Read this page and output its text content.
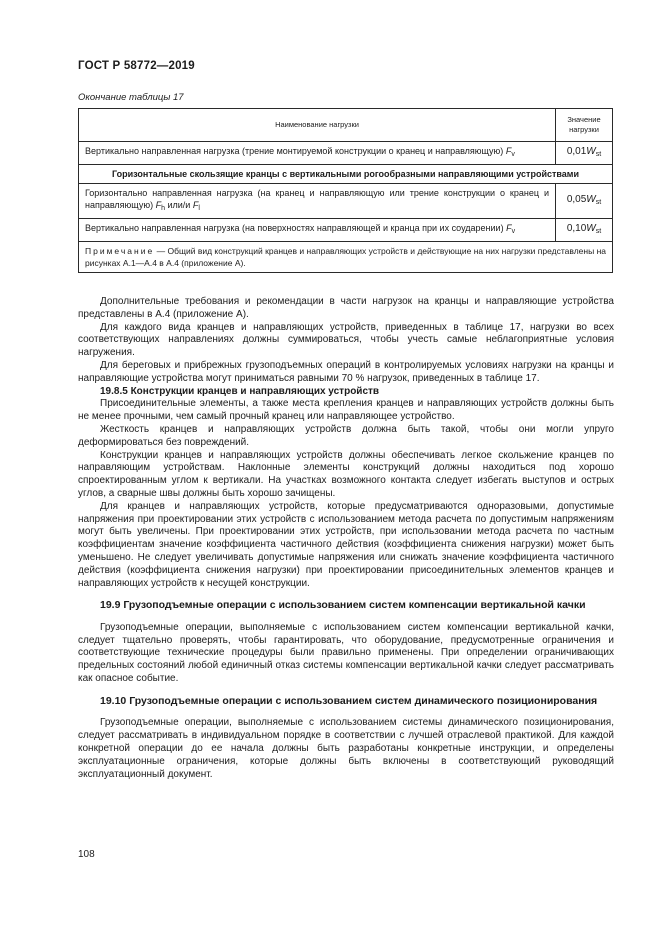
ГОСТ Р 58772—2019
Окончание таблицы 17
Наименование нагрузки	Значение нагрузки
Вертикально направленная нагрузка (трение монтируемой конструкции о кранец и направляющую) $F_v$	$0,01W_{st}$
Горизонтальные скользящие кранцы с вертикальными рогообразными направляющими устройствами	
Горизонтально направленная нагрузка (на кранец и направляющую или трение конструкции о кранец и направляющую) $F_h$ или/и $F_l$	$0,05W_{st}$
Вертикально направленная нагрузка (на поверхностях направляющей и кранца при их соударении) $F_v$	$0,10W_{st}$
Примечание — Общий вид конструкций кранцев и направляющих устройств и действующие на них нагрузки представлены на рисунках А.1—А.4 в А.4 (приложение А).	

Дополнительные требования и рекомендации в части нагрузок на кранцы и направляющие устройства представлены в А.4 (приложение А).

Для каждого вида кранцев и направляющих устройств, приведенных в таблице 17, нагрузки во всех соответствующих направлениях должны суммироваться, чтобы учесть самые неблагоприятные условия нагружения.

Для береговых и прибрежных грузоподъемных операций в контролируемых условиях нагрузки на кранцы и направляющие устройства могут приниматься равными 70 % нагрузок, приведенных в таблице 17.

19.8.5 Конструкции кранцев и направляющих устройств

Присоединительные элементы, а также места крепления кранцев и направляющих устройств должны быть не менее прочными, чем самый прочный кранец или направляющее устройство.

Жесткость кранцев и направляющих устройств должна быть такой, чтобы они могли упруго деформироваться без повреждений.

Конструкции кранцев и направляющих устройств должны обеспечивать легкое скольжение кранцев по направляющим устройствам. Наклонные элементы конструкций должны находиться под хорошо спроектированным углом к вертикали. На участках возможного контакта следует избегать выступов и острых углов, а сварные швы должны быть хорошо зачищены.

Для кранцев и направляющих устройств, которые предусматриваются одноразовыми, допустимые напряжения при проектировании этих устройств с использованием метода расчета по допустимым напряжениям могут быть увеличены. При проектировании этих устройств, при использовании метода расчета по частным коэффициентам значение коэффициента частичного действия (коэффициента снижения нагрузки) может быть уменьшено. Не следует увеличивать допустимые напряжения или снижать значение коэффициента частичного действия (коэффициента снижения нагрузки) при проектировании присоединительных элементов кранцев и направляющих устройств к несущей конструкции.

19.9 Грузоподъемные операции с использованием систем компенсации вертикальной качки

Грузоподъемные операции, выполняемые с использованием систем компенсации вертикальной качки, следует тщательно проверять, чтобы гарантировать, что оборудование, предусмотренные ограничения и соответствующие технические процедуры были правильно применены. При определении ограничивающих предельных состояний любой единичный отказ системы компенсации вертикальной качки следует рассматривать как опасное событие.

19.10 Грузоподъемные операции с использованием систем динамического позиционирования

Грузоподъемные операции, выполняемые с использованием системы динамического позиционирования, следует рассматривать в индивидуальном порядке в соответствии с лучшей отраслевой практикой. Для каждой конкретной операции до ее начала должны быть разработаны конкретные инструкции, и определены эксплуатационные ограничения, которые должны быть включены в соответствующий руководящий эксплуатационный документ.

108
